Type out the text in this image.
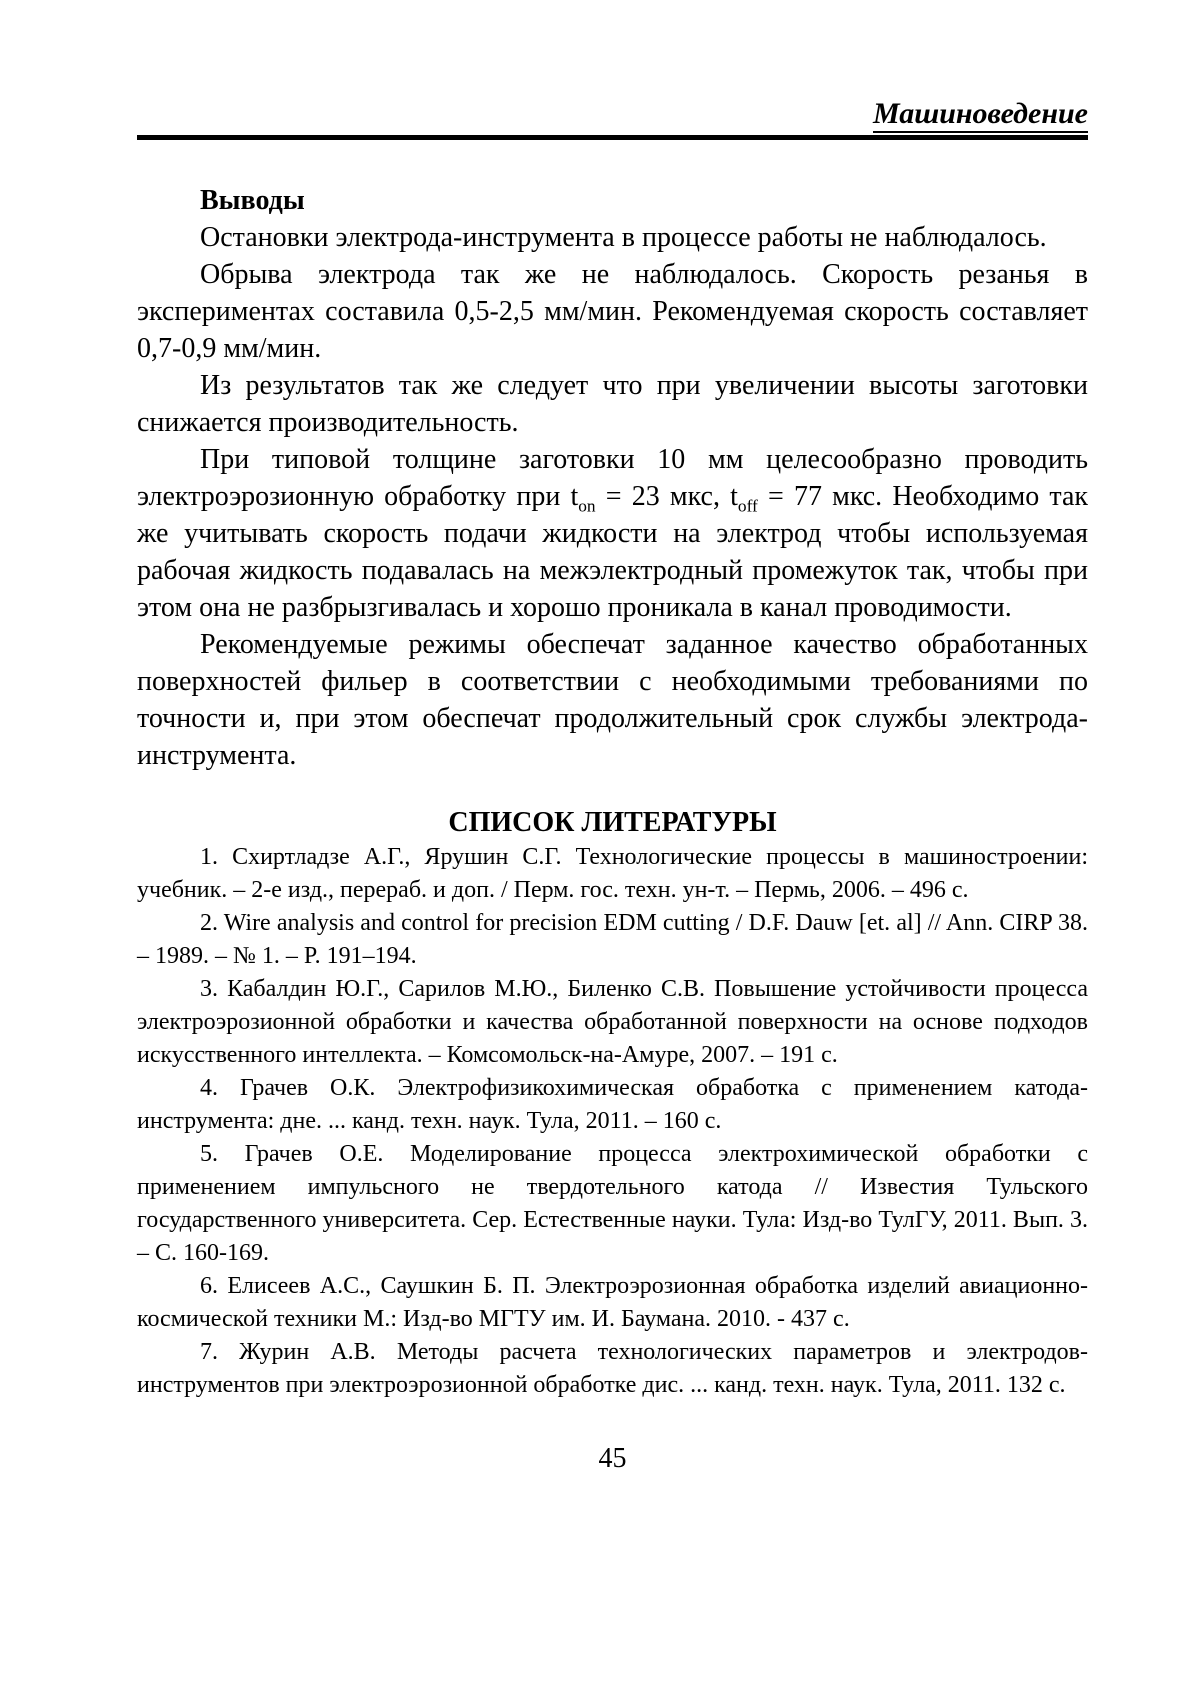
Машиноведение

Выводы

Остановки электрода-инструмента в процессе работы не наблюдалось.

Обрыва электрода так же не наблюдалось. Скорость резанья в экспериментах составила 0,5-2,5 мм/мин. Рекомендуемая скорость составляет 0,7-0,9 мм/мин.

Из результатов так же следует что при увеличении высоты заготовки снижается производительность.

При типовой толщине заготовки 10 мм целесообразно проводить электроэрозионную обработку при $t_{on} = 23$ мкс, $t_{off} = 77$ мкс. Необходимо так же учитывать скорость подачи жидкости на электрод чтобы используемая рабочая жидкость подавалась на межэлектродный промежуток так, чтобы при этом она не разбрызгивалась и хорошо проникала в канал проводимости.

Рекомендуемые режимы обеспечат заданное качество обработанных поверхностей фильер в соответствии с необходимыми требованиями по точности и, при этом обеспечат продолжительный срок службы электрода-инструмента.

СПИСОК ЛИТЕРАТУРЫ

1. Схиртладзе А.Г., Ярушин С.Г. Технологические процессы в машиностроении: учебник. – 2-е изд., перераб. и доп. / Перм. гос. техн. ун-т. – Пермь, 2006. – 496 с.

2. Wire analysis and control for precision EDM cutting / D.F. Dauw [et. al] // Ann. CIRP 38. – 1989. – № 1. – P. 191–194.

3. Кабалдин Ю.Г., Сарилов М.Ю., Биленко С.В. Повышение устойчивости процесса электроэрозионной обработки и качества обработанной поверхности на основе подходов искусственного интеллекта. – Комсомольск-на-Амуре, 2007. – 191 с.

4. Грачев О.К. Электрофизикохимическая обработка с применением катода-инструмента: дне. ... канд. техн. наук. Тула, 2011. – 160 с.

5. Грачев О.Е. Моделирование процесса электрохимической обработки с применением импульсного не твердотельного катода // Известия Тульского государственного университета. Сер. Естественные науки. Тула: Изд-во ТулГУ, 2011. Вып. 3. – С. 160-169.

6. Елисеев А.С., Саушкин Б. П. Электроэрозионная обработка изделий авиационно-космической техники М.: Изд-во МГТУ им. И. Баумана. 2010. - 437 с.

7. Журин А.В. Методы расчета технологических параметров и электродов-инструментов при электроэрозионной обработке дис. ... канд. техн. наук. Тула, 2011. 132 с.

45
